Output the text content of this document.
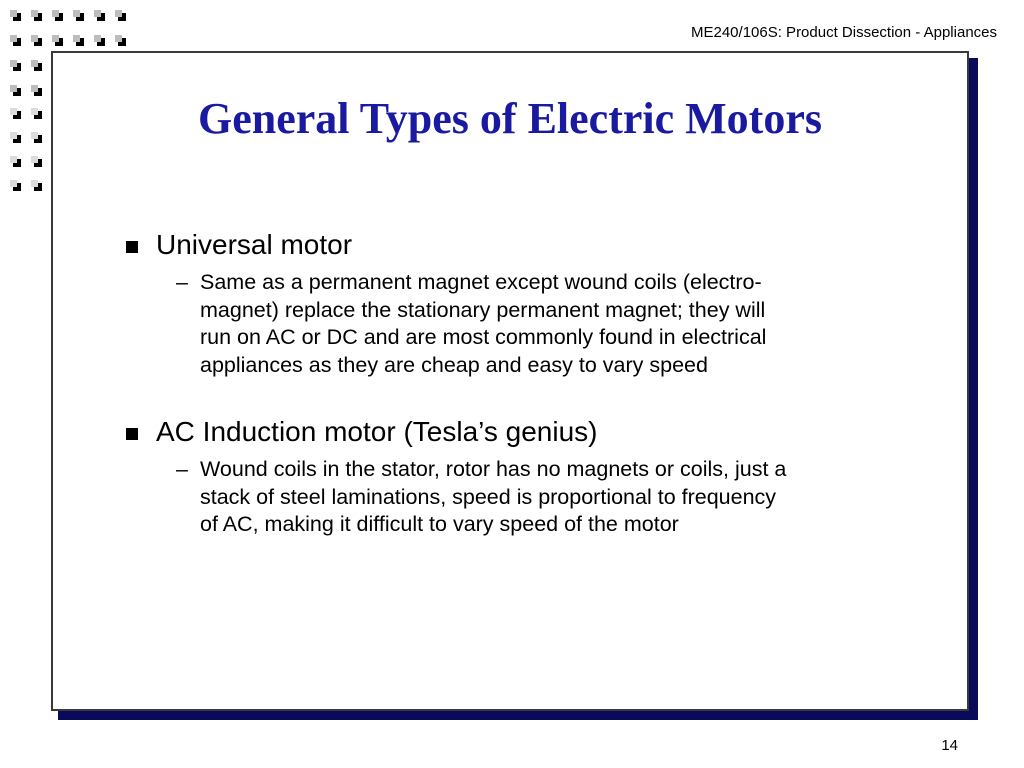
ME240/106S: Product Dissection - Appliances
General Types of Electric Motors
Universal motor
– Same as a permanent magnet except wound coils (electro-
magnet) replace the stationary permanent magnet; they will
run on AC or DC and are most commonly found in electrical
appliances as they are cheap and easy to vary speed
AC Induction motor (Tesla’s genius)
– Wound coils in the stator, rotor has no magnets or coils, just a
stack of steel laminations, speed is proportional to frequency
of AC, making it difficult to vary speed of the motor
14
